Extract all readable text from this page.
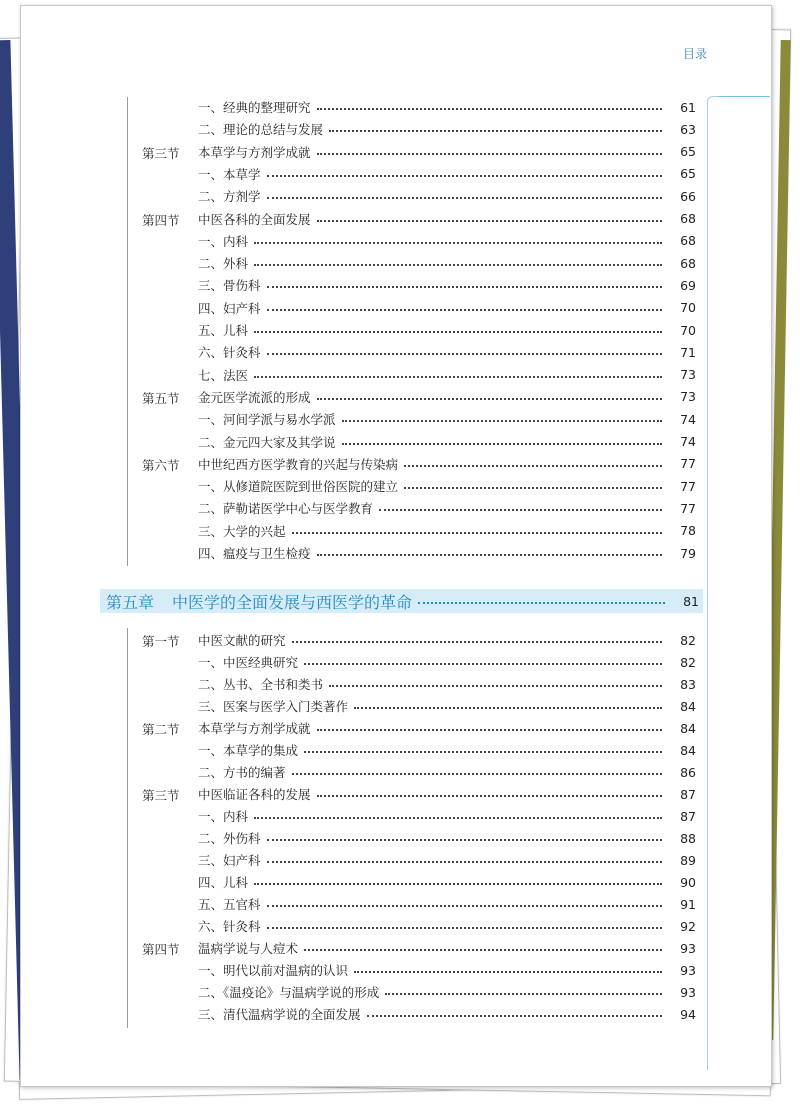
目录
一、经典的整理研究	61
二、理论的总结与发展	63
第三节 本草学与方剂学成就	65
一、本草学	65
二、方剂学	66
第四节 中医各科的全面发展	68
一、内科	68
二、外科	68
三、骨伤科	69
四、妇产科	70
五、儿科	70
六、针灸科	71
七、法医	73
第五节 金元医学流派的形成	73
一、河间学派与易水学派	74
二、金元四大家及其学说	74
第六节 中世纪西方医学教育的兴起与传染病	77
一、从修道院医院到世俗医院的建立	77
二、萨勒诺医学中心与医学教育	77
三、大学的兴起	78
四、瘟疫与卫生检疫	79
第五章 中医学的全面发展与西医学的革命	81
第一节 中医文献的研究	82
一、中医经典研究	82
二、丛书、全书和类书	83
三、医案与医学入门类著作	84
第二节 本草学与方剂学成就	84
一、本草学的集成	84
二、方书的编著	86
第三节 中医临证各科的发展	87
一、内科	87
二、外伤科	88
三、妇产科	89
四、儿科	90
五、五官科	91
六、针灸科	92
第四节 温病学说与人痘术	93
一、明代以前对温病的认识	93
二、《温疫论》与温病学说的形成	93
三、清代温病学说的全面发展	94
